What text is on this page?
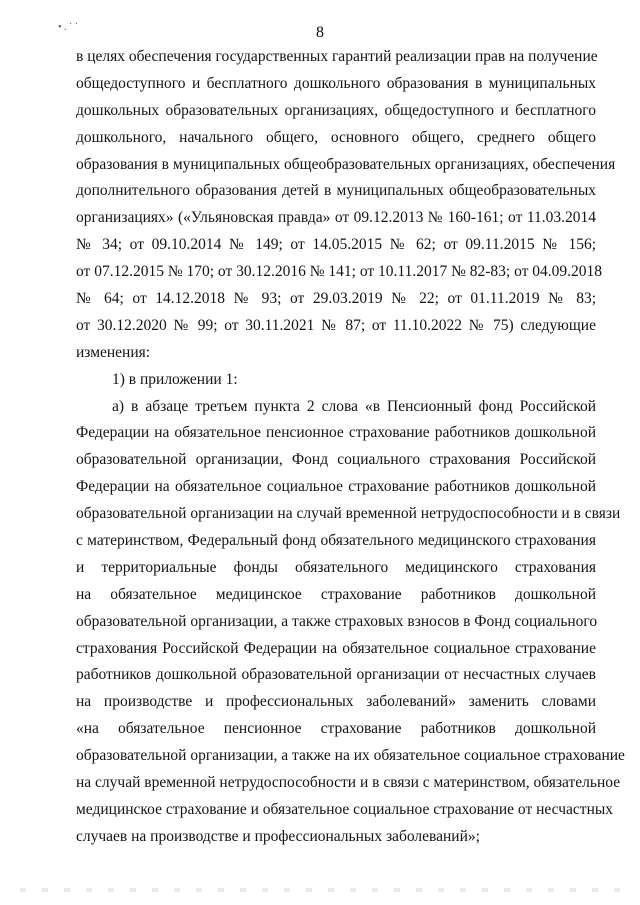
• . ˙ ˙	8
в целях обеспечения государственных гарантий реализации прав на получение
общедоступного и бесплатного дошкольного образования в муниципальных
дошкольных образовательных организациях, общедоступного и бесплатного
дошкольного, начального общего, основного общего, среднего общего
образования в муниципальных общеобразовательных организациях, обеспечения
дополнительного образования детей в муниципальных общеобразовательных
организациях» («Ульяновская правда» от 09.12.2013 № 160-161; от 11.03.2014
№ 34; от 09.10.2014 № 149; от 14.05.2015 № 62; от 09.11.2015 № 156;
от 07.12.2015 № 170; от 30.12.2016 № 141; от 10.11.2017 № 82-83; от 04.09.2018
№ 64; от 14.12.2018 № 93; от 29.03.2019 № 22; от 01.11.2019 № 83;
от 30.12.2020 № 99; от 30.11.2021 № 87; от 11.10.2022 № 75) следующие
изменения:
1) в приложении 1:
а) в абзаце третьем пункта 2 слова «в Пенсионный фонд Российской
Федерации на обязательное пенсионное страхование работников дошкольной
образовательной организации, Фонд социального страхования Российской
Федерации на обязательное социальное страхование работников дошкольной
образовательной организации на случай временной нетрудоспособности и в связи
с материнством, Федеральный фонд обязательного медицинского страхования
и территориальные фонды обязательного медицинского страхования
на обязательное медицинское страхование работников дошкольной
образовательной организации, а также страховых взносов в Фонд социального
страхования Российской Федерации на обязательное социальное страхование
работников дошкольной образовательной организации от несчастных случаев
на производстве и профессиональных заболеваний» заменить словами
«на обязательное пенсионное страхование работников дошкольной
образовательной организации, а также на их обязательное социальное страхование
на случай временной нетрудоспособности и в связи с материнством, обязательное
медицинское страхование и обязательное социальное страхование от несчастных
случаев на производстве и профессиональных заболеваний»;
